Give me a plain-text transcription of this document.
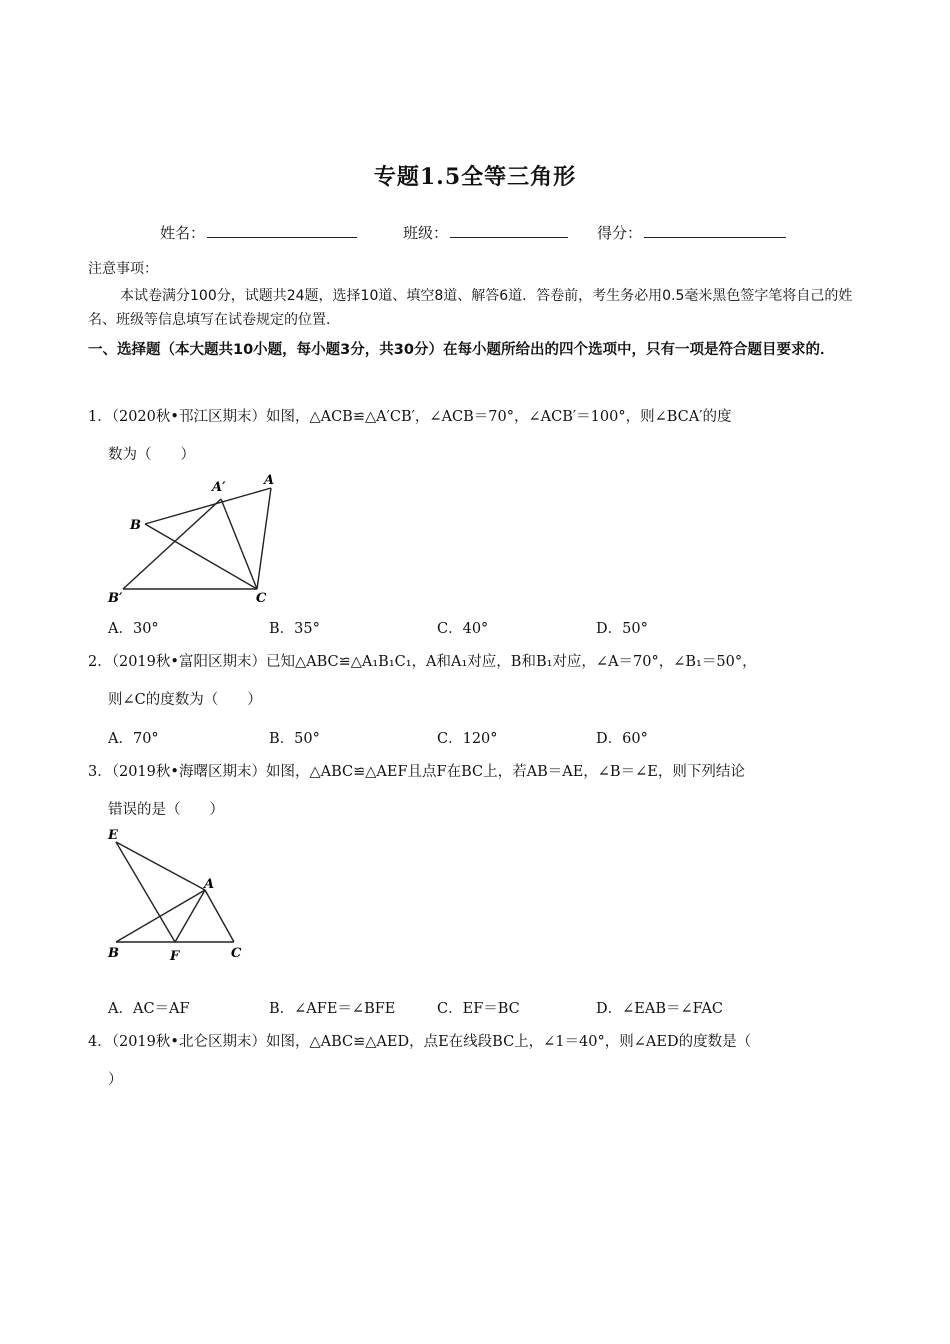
专题1.5全等三角形
姓名：	班级：	得分：
注意事项：
本试卷满分100分，试题共24题，选择10道、填空8道、解答6道．答卷前，考生务必用0.5毫米黑色签字笔将自己的姓名、班级等信息填写在试卷规定的位置．
一、选择题（本大题共10小题，每小题3分，共30分）在每小题所给出的四个选项中，只有一项是符合题目要求的．
1．（2020秋•邗江区期末）如图，△ACB≌△A′CB′，∠ACB＝70°，∠ACB′＝100°，则∠BCA′的度
数为（　　）
A′	A
B
B′	C
A．30°	B．35°	C．40°	D．50°
2．（2019秋•富阳区期末）已知△ABC≌△A₁B₁C₁，A和A₁对应，B和B₁对应，∠A＝70°，∠B₁＝50°，
则∠C的度数为（　　）
A．70°	B．50°	C．120°	D．60°
3．（2019秋•海曙区期末）如图，△ABC≌△AEF且点F在BC上，若AB＝AE，∠B＝∠E，则下列结论
错误的是（　　）
E
A
B	F	C
A．AC＝AF	B．∠AFE＝∠BFE	C．EF＝BC	D．∠EAB＝∠FAC
4．（2019秋•北仑区期末）如图，△ABC≌△AED，点E在线段BC上，∠1＝40°，则∠AED的度数是（
）
